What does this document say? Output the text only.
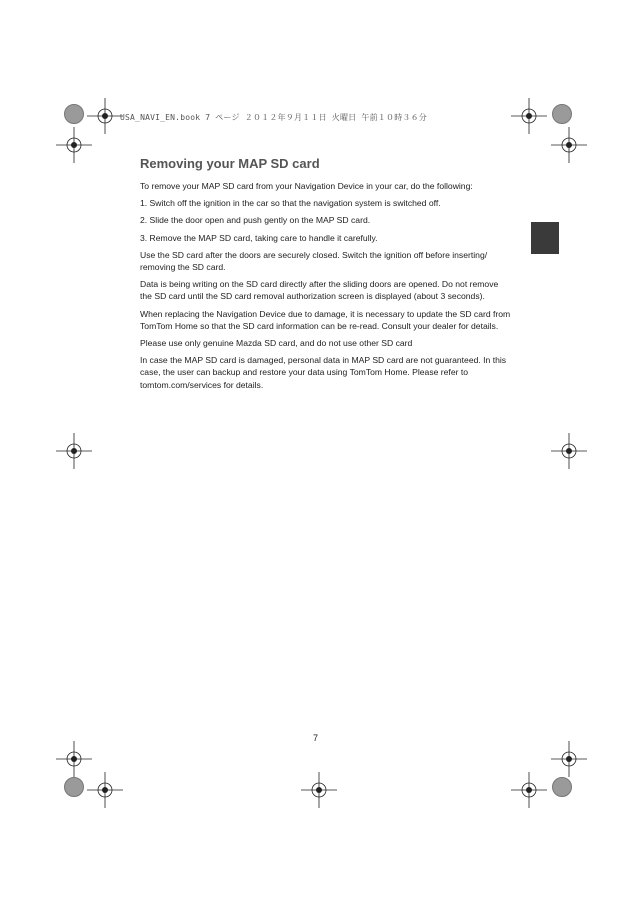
USA_NAVI_EN.book 7 ページ ２０１２年９月１１日 火曜日 午前１０時３６分
Removing your MAP SD card

To remove your MAP SD card from your Navigation Device in your car, do the following:

1. Switch off the ignition in the car so that the navigation system is switched off.

2. Slide the door open and push gently on the MAP SD card.

3. Remove the MAP SD card, taking care to handle it carefully.

Use the SD card after the doors are securely closed. Switch the ignition off before inserting/ removing the SD card.

Data is being writing on the SD card directly after the sliding doors are opened. Do not remove the SD card until the SD card removal authorization screen is displayed (about 3 seconds).

When replacing the Navigation Device due to damage, it is necessary to update the SD card from TomTom Home so that the SD card information can be re-read. Consult your dealer for details.

Please use only genuine Mazda SD card, and do not use other SD card

In case the MAP SD card is damaged, personal data in MAP SD card are not guaranteed. In this case, the user can backup and restore your data using TomTom Home. Please refer to tomtom.com/services for details.

7
